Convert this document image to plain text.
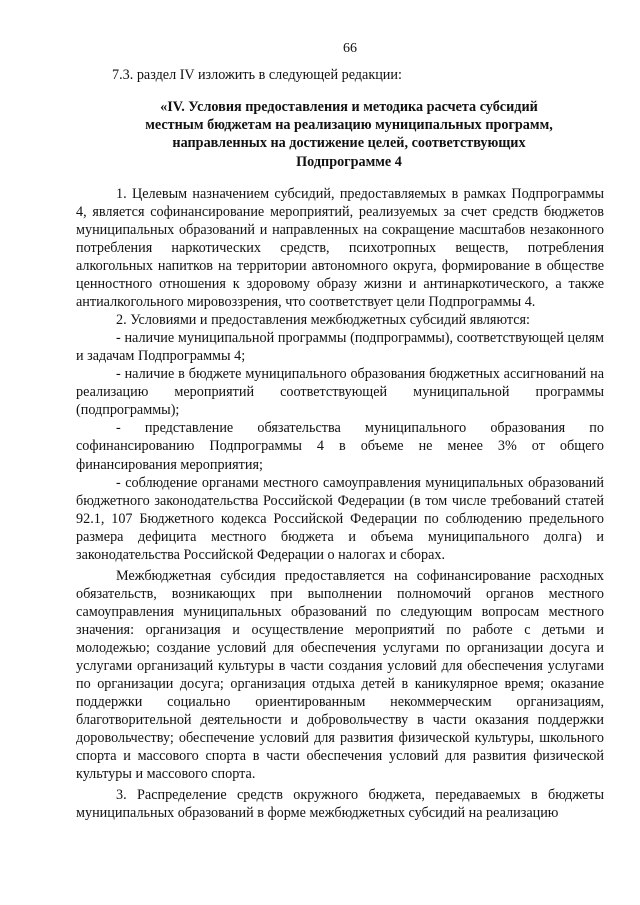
66

7.3. раздел IV изложить в следующей редакции:

«IV. Условия предоставления и методика расчета субсидий
местным бюджетам на реализацию муниципальных программ,
направленных на достижение целей, соответствующих
Подпрограмме 4

1. Целевым назначением субсидий, предоставляемых в рамках Подпрограммы 4, является софинансирование мероприятий, реализуемых за счет средств бюджетов муниципальных образований и направленных на сокращение масштабов незаконного потребления наркотических средств, психотропных веществ, потребления алкогольных напитков на территории автономного округа, формирование в обществе ценностного отношения к здоровому образу жизни и антинаркотического, а также антиалкогольного мировоззрения, что соответствует цели Подпрограммы 4.

2. Условиями и предоставления межбюджетных субсидий являются:

- наличие муниципальной программы (подпрограммы), соответствующей целям и задачам Подпрограммы 4;

- наличие в бюджете муниципального образования бюджетных ассигнований на реализацию мероприятий соответствующей муниципальной программы (подпрограммы);

- представление обязательства муниципального образования по софинансированию Подпрограммы 4 в объеме не менее 3% от общего финансирования мероприятия;

- соблюдение органами местного самоуправления муниципальных образований бюджетного законодательства Российской Федерации (в том числе требований статей 92.1, 107 Бюджетного кодекса Российской Федерации по соблюдению предельного размера дефицита местного бюджета и объема муниципального долга) и законодательства Российской Федерации о налогах и сборах.

Межбюджетная субсидия предоставляется на софинансирование расходных обязательств, возникающих при выполнении полномочий органов местного самоуправления муниципальных образований по следующим вопросам местного значения: организация и осуществление мероприятий по работе с детьми и молодежью; создание условий для обеспечения услугами по организации досуга и услугами организаций культуры в части создания условий для обеспечения услугами по организации досуга; организация отдыха детей в каникулярное время; оказание поддержки социально ориентированным некоммерческим организациям, благотворительной деятельности и добровольчеству в части оказания поддержки доровольчеству; обеспечение условий для развития физической культуры, школьного спорта и массового спорта в части обеспечения условий для развития физической культуры и массового спорта.

3. Распределение средств окружного бюджета, передаваемых в бюджеты муниципальных образований в форме межбюджетных субсидий на реализацию
